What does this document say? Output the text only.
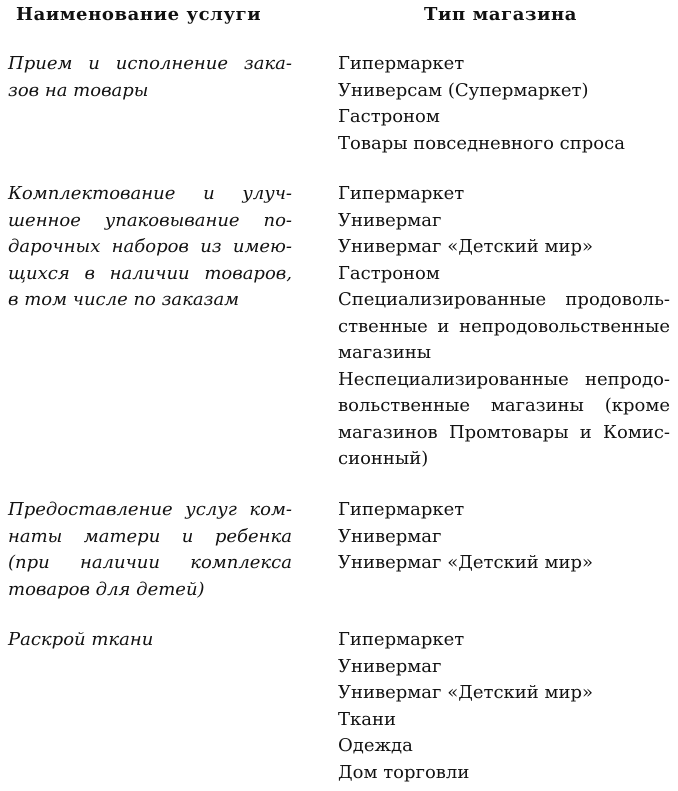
Наименование услуги	Тип магазина
Прием и исполнение зака-
зов на товары
Гипермаркет
Универсам (Супермаркет)
Гастроном
Товары повседневного спроса
Комплектование и улуч-
шенное упаковывание по-
дарочных наборов из имею-
щихся в наличии товаров,
в том числе по заказам
Гипермаркет
Универмаг
Универмаг «Детский мир»
Гастроном
Специализированные продоволь-
ственные и непродовольственные
магазины
Неспециализированные непродо-
вольственные магазины (кроме
магазинов Промтовары и Комис-
сионный)
Предоставление услуг ком-
наты матери и ребенка
(при наличии комплекса
товаров для детей)
Гипермаркет
Универмаг
Универмаг «Детский мир»
Раскрой ткани	Гипермаркет
Универмаг
Универмаг «Детский мир»
Ткани
Одежда
Дом торговли
